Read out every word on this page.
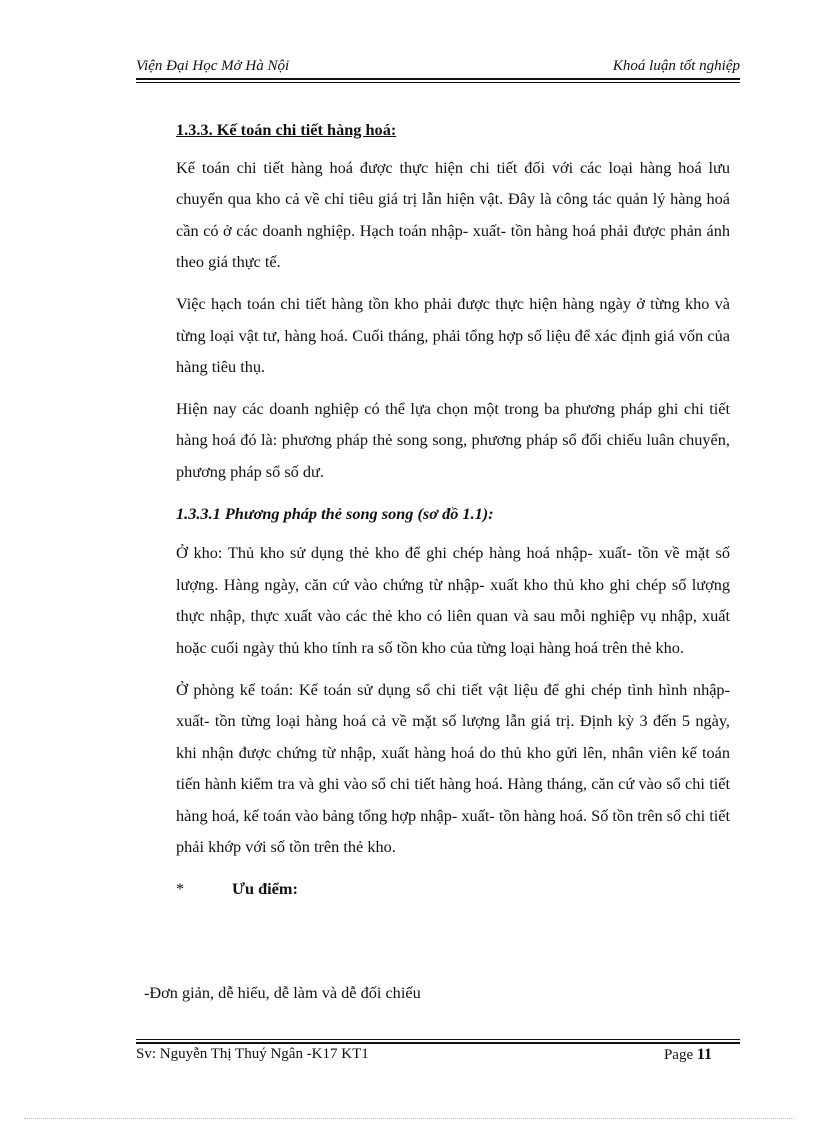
Viện Đại Học Mở Hà Nội	Khoá luận tốt nghiệp
1.3.3. Kế toán chi tiết hàng hoá:

Kế toán chi tiết hàng hoá được thực hiện chi tiết đối với các loại hàng hoá lưu chuyển qua kho cả về chỉ tiêu giá trị lẫn hiện vật. Đây là công tác quản lý hàng hoá cần có ở các doanh nghiệp. Hạch toán nhập- xuất- tồn hàng hoá phải được phản ánh theo giá thực tế.

Việc hạch toán chi tiết hàng tồn kho phải được thực hiện hàng ngày ở từng kho và từng loại vật tư, hàng hoá. Cuối tháng, phải tổng hợp số liệu để xác định giá vốn của hàng tiêu thụ.

Hiện nay các doanh nghiệp có thể lựa chọn một trong ba phương pháp ghi chi tiết hàng hoá đó là: phương pháp thẻ song song, phương pháp sổ đối chiếu luân chuyển, phương pháp sổ số dư.

1.3.3.1 Phương pháp thẻ song song (sơ đồ 1.1):

Ở kho: Thủ kho sử dụng thẻ kho để ghi chép hàng hoá nhập- xuất- tồn về mặt số lượng. Hàng ngày, căn cứ vào chứng từ nhập- xuất kho thủ kho ghi chép số lượng thực nhập, thực xuất vào các thẻ kho có liên quan và sau mỗi nghiệp vụ nhập, xuất hoặc cuối ngày thủ kho tính ra số tồn kho của từng loại hàng hoá trên thẻ kho.

Ở phòng kế toán: Kế toán sử dụng sổ chi tiết vật liệu để ghi chép tình hình nhập- xuất- tồn từng loại hàng hoá cả về mặt số lượng lẫn giá trị. Định kỳ 3 đến 5 ngày, khi nhận được chứng từ nhập, xuất hàng hoá do thủ kho gửi lên, nhân viên kế toán tiến hành kiểm tra và ghi vào sổ chi tiết hàng hoá. Hàng tháng, căn cứ vào sổ chi tiết hàng hoá, kế toán vào bảng tổng hợp nhập- xuất- tồn hàng hoá. Số tồn trên sổ chi tiết phải khớp với số tồn trên thẻ kho.

*	Ưu điểm:
-Đơn giản, dễ hiểu, dễ làm và dễ đối chiếu
Sv: Nguyễn Thị Thuý Ngân -K17 KT1	Page 11
